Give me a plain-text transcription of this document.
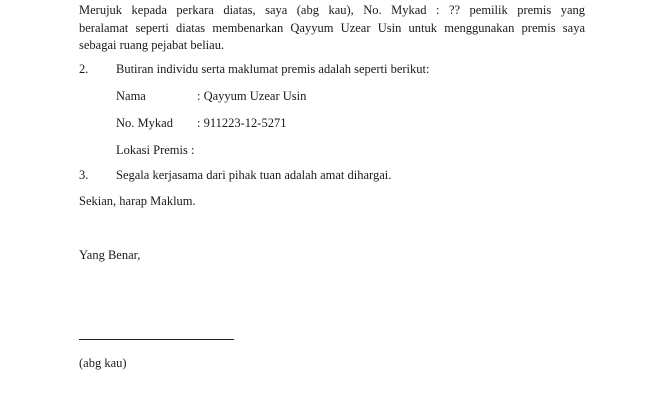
Merujuk kepada perkara diatas, saya (abg kau), No. Mykad : ?? pemilik premis yang
beralamat seperti diatas membenarkan Qayyum Uzear Usin untuk menggunakan premis saya
sebagai ruang pejabat beliau.
2. Butiran individu serta maklumat premis adalah seperti berikut:
Nama	: Qayyum Uzear Usin
No. Mykad : 911223-12-5271
Lokasi Premis :
3. Segala kerjasama dari pihak tuan adalah amat dihargai.
Sekian, harap Maklum.
Yang Benar,
(abg kau)
